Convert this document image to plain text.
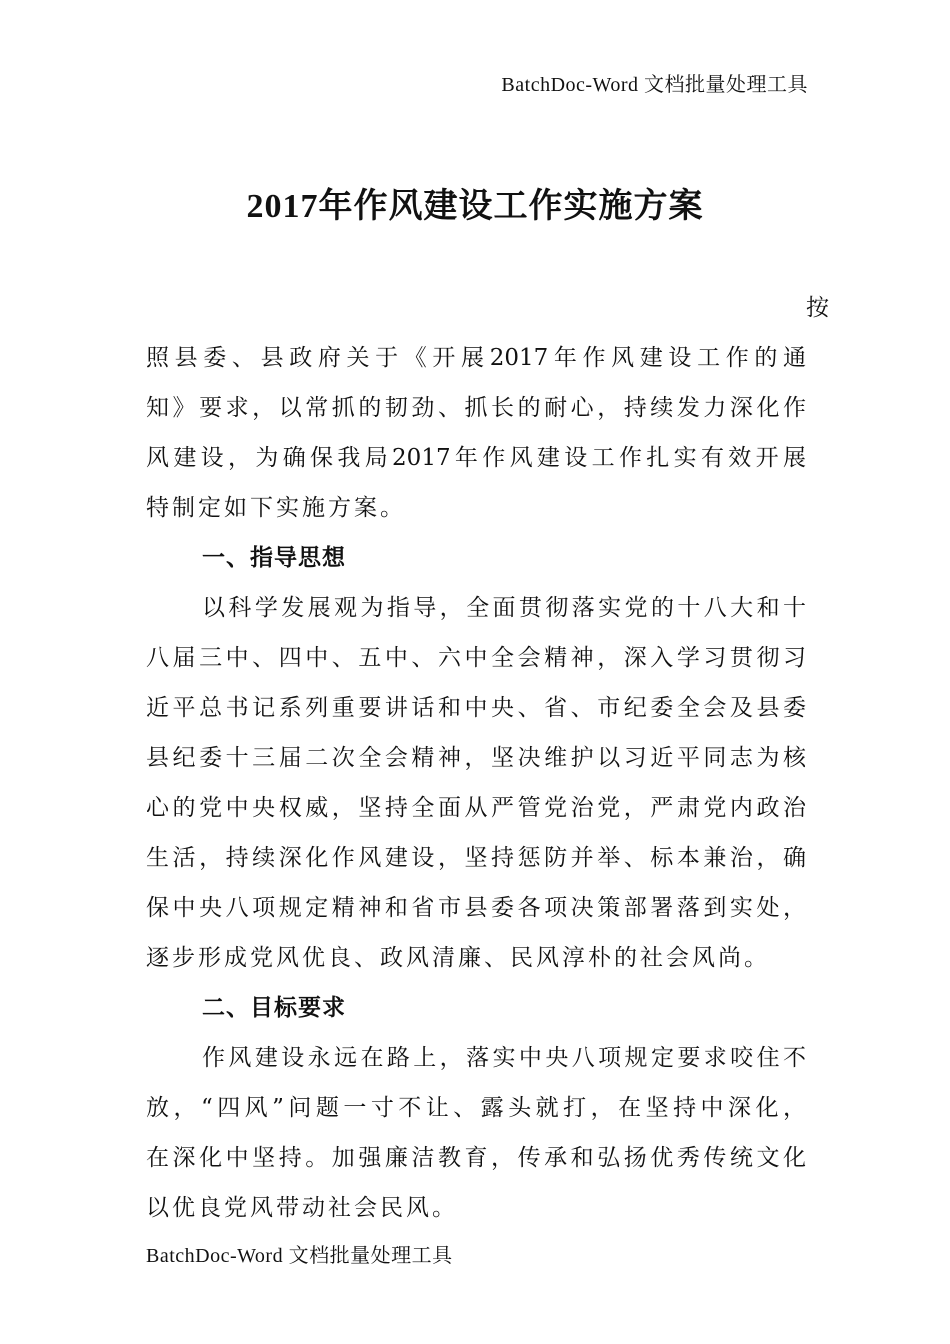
BatchDoc-Word 文档批量处理工具
2017年作风建设工作实施方案
按
照县委、县政府关于《开展2017年作风建设工作的通
知》要求，以常抓的韧劲、抓长的耐心，持续发力深化作
风建设，为确保我局2017年作风建设工作扎实有效开展
特制定如下实施方案。
一、指导思想
以科学发展观为指导，全面贯彻落实党的十八大和十
八届三中、四中、五中、六中全会精神，深入学习贯彻习
近平总书记系列重要讲话和中央、省、市纪委全会及县委
县纪委十三届二次全会精神，坚决维护以习近平同志为核
心的党中央权威，坚持全面从严管党治党，严肃党内政治
生活，持续深化作风建设，坚持惩防并举、标本兼治，确
保中央八项规定精神和省市县委各项决策部署落到实处，
逐步形成党风优良、政风清廉、民风淳朴的社会风尚。
二、目标要求
作风建设永远在路上，落实中央八项规定要求咬住不
放，“四风”问题一寸不让、露头就打，在坚持中深化，
在深化中坚持。加强廉洁教育，传承和弘扬优秀传统文化
以优良党风带动社会民风。
BatchDoc-Word 文档批量处理工具
